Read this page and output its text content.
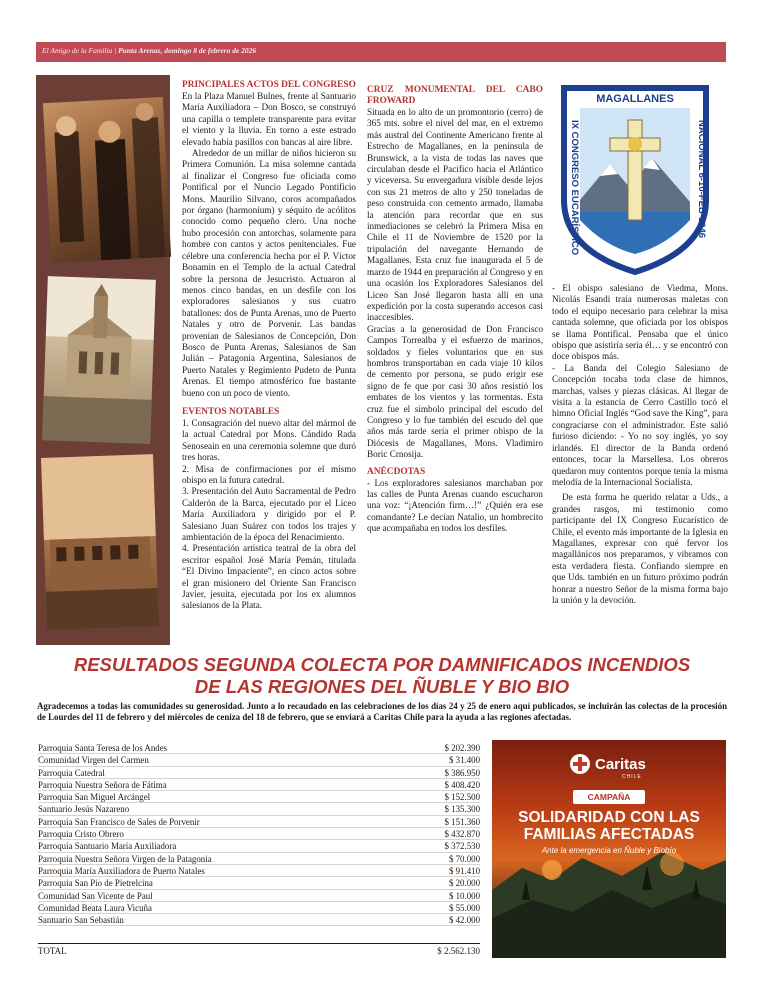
El Amigo de la Familia | Punta Arenas, domingo 8 de febrero de 2026
PRINCIPALES ACTOS DEL CONGRESO

En la Plaza Manuel Bulnes, frente al Santuario María Auxiliadora – Don Bosco, se construyó una capilla o templete transparente para evitar el viento y la lluvia. En torno a este estrado elevado había pasillos con bancas al aire libre.

Alrededor de un millar de niños hicieron su Primera Comunión. La misa solemne cantada al finalizar el Congreso fue oficiada como Pontifical por el Nuncio Legado Pontificio Mons. Maurilio Silvano, coros acompañados por órgano (harmonium) y séquito de acólitos conocido como pequeño clero. Una noche hubo procesión con antorchas, solamente para hombre con cantos y actos penitenciales. Fue célebre una conferencia hecha por el P. Víctor Bonamin en el Templo de la actual Catedral sobre la persona de Jesucristo. Actuaron al menos cinco bandas, en un desfile con los exploradores salesianos y sus cuatro batallones: dos de Punta Arenas, uno de Puerto Natales y otro de Porvenir. Las bandas provenían de Salesianos de Concepción, Don Bosco de Punta Arenas, Salesianos de San Julián – Patagonia Argentina, Salesianos de Puerto Natales y Regimiento Pudeto de Punta Arenas. El tiempo atmosférico fue bastante bueno con un poco de viento.

EVENTOS NOTABLES

1. Consagración del nuevo altar del mármol de la actual Catedral por Mons. Cándido Rada Senoseain en una ceremonia solemne que duró tres horas.

2. Misa de confirmaciones por el mismo obispo en la futura catedral.

3. Presentación del Auto Sacramental de Pedro Calderón de la Barca, ejecutado por el Liceo María Auxiliadora y dirigido por el P. Salesiano Juan Suárez con todos los trajes y ambientación de la época del Renacimiento.

4. Presentación artística teatral de la obra del escritor español José María Pemán, titulada “El Divino Impaciente”, en cinco actos sobre el gran misionero del Oriente San Francisco Javier, jesuita, ejecutada por los ex alumnos salesianos de la Plata.

CRUZ MONUMENTAL DEL CABO FROWARD

Situada en lo alto de un promontorio (cerro) de 365 mts. sobre el nivel del mar, en el extremo más austral del Continente Americano frente al Estrecho de Magallanes, en la península de Brunswick, a la vista de todas las naves que circulaban desde el Pacífico hacia el Atlántico y viceversa. Su envergadura visible desde lejos con sus 21 metros de alto y 250 toneladas de peso construida con cemento armado, llamaba la atención para recordar que en sus inmediaciones se celebró la Primera Misa en Chile el 11 de Noviembre de 1520 por la tripulación del navegante Hernando de Magallanes. Esta cruz fue inaugurada el 5 de marzo de 1944 en preparación al Congreso y en una ocasión los Exploradores Salesianos del Liceo San José llegaron hasta allí en una expedición por la costa superando accesos casi inaccesibles.

Gracias a la generosidad de Don Francisco Campos Torrealba y el esfuerzo de marinos, soldados y fieles voluntarios que en sus hombros transportaban en cada viaje 10 kilos de cemento por persona, se pudo erigir ese signo de fe que por casi 30 años resistió los embates de los vientos y las tormentas. Esta cruz fue el símbolo principal del escudo del Congreso y lo fue también del escudo del que años más tarde sería el primer obispo de la Diócesis de Magallanes, Mons. Vladimiro Boric Crnosija.

ANÉCDOTAS

- Los exploradores salesianos marchaban por las calles de Punta Arenas cuando escucharon una voz: “¡Atención firm…!” ¿Quién era ese comandante? Le decían Natalio, un hombrecito que acompañaba en todos los desfiles.

MAGALLANES
IX CONGRESO EUCARÍSTICO	NACIONAL 6-10-FEB-1946

- El obispo salesiano de Viedma, Mons. Nicolás Esandi traía numerosas maletas con todo el equipo necesario para celebrar la misa cantada solemne, que oficiada por los obispos se llama Pontifical. Pensaba que el único obispo que asistiría sería él… y se encontró con doce obispos más.

- La Banda del Colegio Salesiano de Concepción tocaba toda clase de himnos, marchas, valses y piezas clásicas. Al llegar de visita a la estancia de Cerro Castillo tocó el himno Oficial Inglés “God save the King”, para congraciarse con el administrador. Este salió furioso diciendo: - Yo no soy inglés, yo soy irlandés. El director de la Banda ordenó entonces, tocar la Marsellesa. Los obreros quedaron muy contentos porque tenía la misma melodía de la Internacional Socialista.

De esta forma he querido relatar a Uds., a grandes rasgos, mi testimonio como participante del IX Congreso Eucarístico de Chile, el evento más importante de la Iglesia en Magallanes, expresar con qué fervor los magallánicos nos preparamos, y vibramos con esta verdadera fiesta. Confiando siempre en que Uds. también en un futuro próximo podrán honrar a nuestro Señor de la misma forma bajo la unión y la devoción.

RESULTADOS SEGUNDA COLECTA POR DAMNIFICADOS INCENDIOS
DE LAS REGIONES DEL ÑUBLE Y BIO BIO
Agradecemos a todas las comunidades su generosidad. Junto a lo recaudado en las celebraciones de los días 24 y 25 de enero aquí publicados, se incluirán las colectas de la procesión de Lourdes del 11 de febrero y del miércoles de ceniza del 18 de febrero, que se enviará a Caritas Chile para la ayuda a las regiones afectadas.
Parroquia Santa Teresa de los Andes	$ 202.390
Comunidad Virgen del Carmen	$ 31.400
Parroquia Catedral	$ 386.950
Parroquia Nuestra Señora de Fátima	$ 408.420
Parroquia San Miguel Arcángel	$ 152.500
Santuario Jesús Nazareno	$ 135.300
Parroquia San Francisco de Sales de Porvenir	$ 151.360
Parroquia Cristo Obrero	$ 432.870
Parroquia Santuario María Auxiliadora	$ 372.530
Parroquia Nuestra Señora Virgen de la Patagonia	$ 70.000
Parroquia María Auxiliadora de Puerto Natales	$ 91.410
Parroquia San Pío de Pietrelcina	$ 20.000
Comunidad San Vicente de Paul	$ 10.000
Comunidad Beata Laura Vicuña	$ 55.000
Santuario San Sebastián	$ 42.000
TOTAL	$ 2.562.130
Caritas
CHILE
CAMPAÑA
SOLIDARIDAD CON LAS
FAMILIAS AFECTADAS
Ante la emergencia en Ñuble y Biobío
